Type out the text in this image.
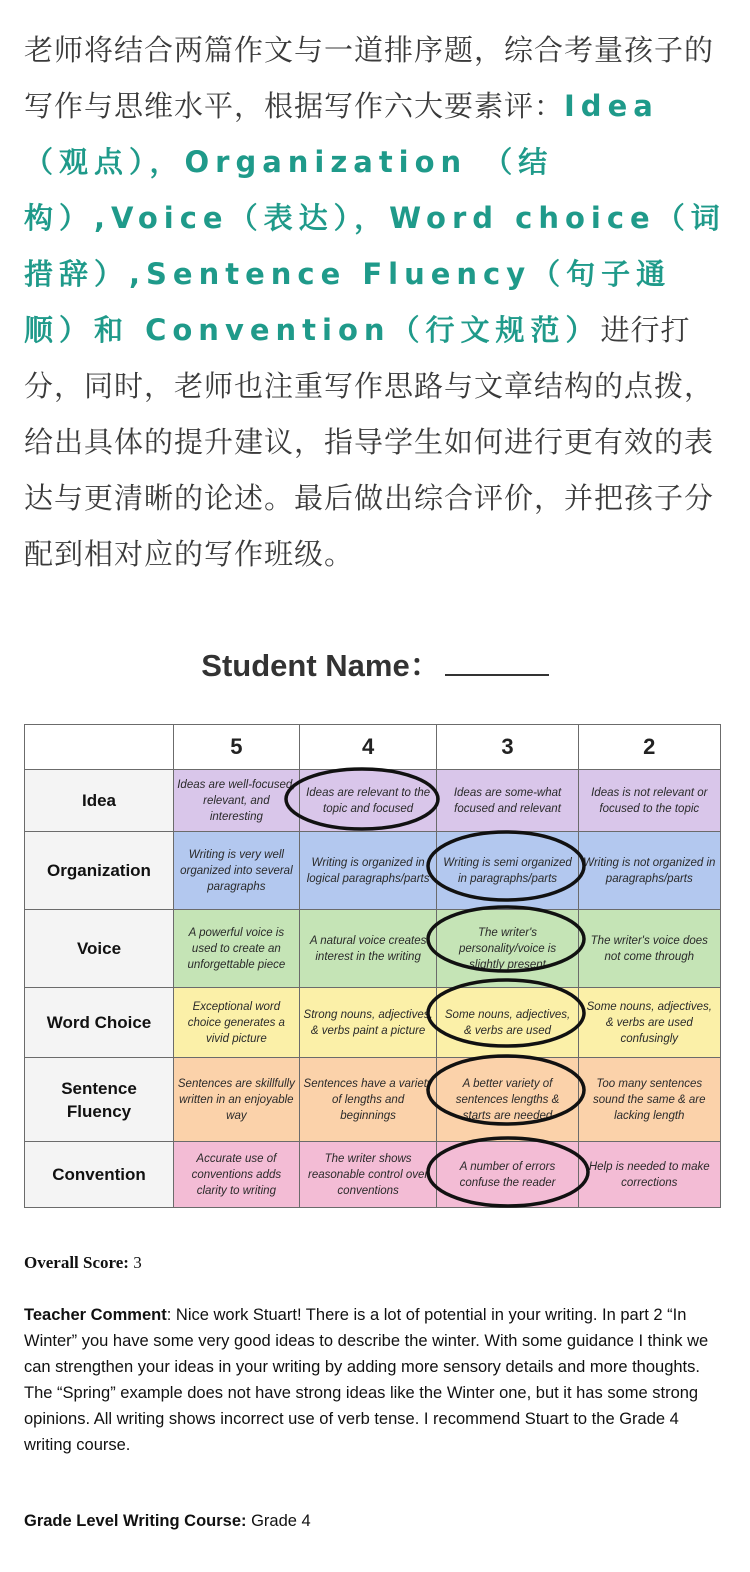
老师将结合两篇作文与一道排序题，综合考量孩子的写作与思维水平，根据写作六大要素评：Idea（观点），Organization （结构）,Voice（表达），Word choice（词措辞）,Sentence Fluency（句子通顺）和 Convention（行文规范）进行打分，同时，老师也注重写作思路与文章结构的点拨，给出具体的提升建议，指导学生如何进行更有效的表达与更清晰的论述。最后做出综合评价，并把孩子分配到相对应的写作班级。
Student Name：
	5	4	3	2
Idea	Ideas are well-focused, relevant, and interesting	Ideas are relevant to the topic and focused	Ideas are some-what focused and relevant	Ideas is not relevant or focused to the topic
Organization	Writing is very well organized into several paragraphs	Writing is organized in logical paragraphs/parts	Writing is semi organized in paragraphs/parts	Writing is not organized in paragraphs/parts
Voice	A powerful voice is used to create an unforgettable piece	A natural voice creates interest in the writing	The writer's personality/voice is slightly present	The writer's voice does not come through
Word Choice	Exceptional word choice generates a vivid picture	Strong nouns, adjectives, & verbs paint a picture	Some nouns, adjectives, & verbs are used	Some nouns, adjectives, & verbs are used confusingly
Sentence Fluency	Sentences are skillfully written in an enjoyable way	Sentences have a variety of lengths and beginnings	A better variety of sentences lengths & starts are needed	Too many sentences sound the same & are lacking length
Convention	Accurate use of conventions adds clarity to writing	The writer shows reasonable control over conventions	A number of errors confuse the reader	Help is needed to make corrections
Overall Score: 3
Teacher Comment: Nice work Stuart! There is a lot of potential in your writing. In part 2 “In Winter” you have some very good ideas to describe the winter. With some guidance I think we can strengthen your ideas in your writing by adding more sensory details and more thoughts. The “Spring” example does not have strong ideas like the Winter one, but it has some strong opinions. All writing shows incorrect use of verb tense. I recommend Stuart to the Grade 4 writing course.
Grade Level Writing Course: Grade 4
